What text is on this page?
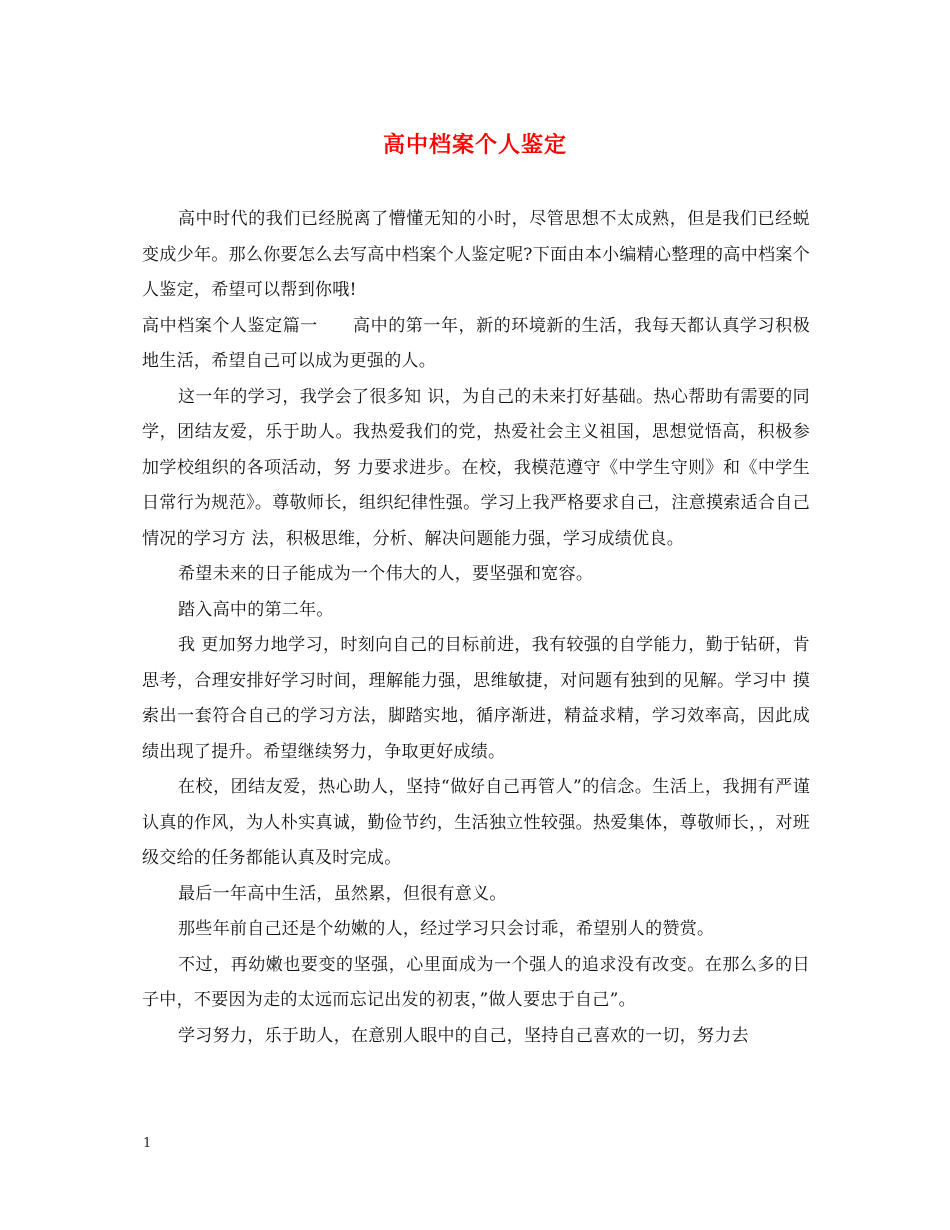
高中档案个人鉴定

高中时代的我们已经脱离了懵懂无知的小时，尽管思想不太成熟，但是我们已经蜕变成少年。那么你要怎么去写高中档案个人鉴定呢?下面由本小编精心整理的高中档案个人鉴定，希望可以帮到你哦!

高中档案个人鉴定篇一　　高中的第一年，新的环境新的生活，我每天都认真学习积极地生活，希望自己可以成为更强的人。

这一年的学习，我学会了很多知 识，为自己的未来打好基础。热心帮助有需要的同学，团结友爱，乐于助人。我热爱我们的党，热爱社会主义祖国，思想觉悟高，积极参加学校组织的各项活动，努 力要求进步。在校，我模范遵守《中学生守则》和《中学生日常行为规范》。尊敬师长，组织纪律性强。学习上我严格要求自己，注意摸索适合自己情况的学习方 法，积极思维，分析、解决问题能力强，学习成绩优良。

希望未来的日子能成为一个伟大的人，要坚强和宽容。

踏入高中的第二年。

我 更加努力地学习，时刻向自己的目标前进，我有较强的自学能力，勤于钻研，肯思考，合理安排好学习时间，理解能力强，思维敏捷，对问题有独到的见解。学习中 摸索出一套符合自己的学习方法，脚踏实地，循序渐进，精益求精，学习效率高，因此成绩出现了提升。希望继续努力，争取更好成绩。

在校，团结友爱，热心助人，坚持“做好自己再管人”的信念。生活上，我拥有严谨认真的作风，为人朴实真诚，勤俭节约，生活独立性较强。热爱集体，尊敬师长，，对班级交给的任务都能认真及时完成。

最后一年高中生活，虽然累，但很有意义。

那些年前自己还是个幼嫩的人，经过学习只会讨乖，希望别人的赞赏。

不过，再幼嫩也要变的坚强，心里面成为一个强人的追求没有改变。在那么多的日子中，不要因为走的太远而忘记出发的初衷，”做人要忠于自己”。

学习努力，乐于助人，在意别人眼中的自己，坚持自己喜欢的一切，努力去

1
